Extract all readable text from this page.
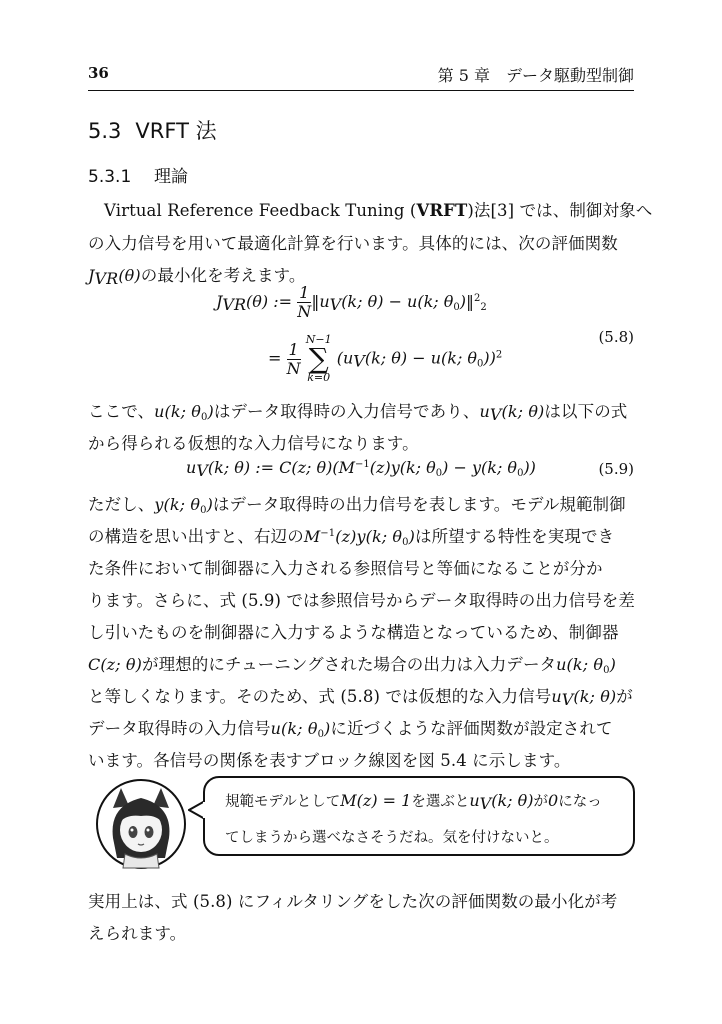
36	第 5 章　データ駆動型制御
5.3 VRFT 法
5.3.1 理論
Virtual Reference Feedback Tuning (VRFT)法[3] では、制御対象へ
の入力信号を用いて最適化計算を行います。具体的には、次の評価関数
$J_{VR}(\theta)$の最小化を考えます。
$J_{VR}(\theta)$ := $\frac{1}{N}$ $‖u_V(k$; θ) − u(k; $\theta_0)‖^2_2$
= $\frac{1}{N}$
N−1
∑
k=0 ($u_V(k$; θ) − u(k; $\theta_0))^2$
(5.8)
ここで、u(k; $\theta_0$)はデータ取得時の入力信号であり、$u_V(k$; θ)は以下の式
から得られる仮想的な入力信号になります。
$u_V(k$; θ) := C(z; $\theta)(M^{-1}(z)y(k$; $\theta_0) - y(k$; $\theta_0$))	(5.9)
ただし、y(k; $\theta_0$)はデータ取得時の出力信号を表します。モデル規範制御
の構造を思い出すと、右辺の$M^{-1}(z)y(k$; $\theta_0$)は所望する特性を実現でき
た条件において制御器に入力される参照信号と等価になることが分か
ります。さらに、式 (5.9) では参照信号からデータ取得時の出力信号を差
し引いたものを制御器に入力するような構造となっているため、制御器
C(z; θ)が理想的にチューニングされた場合の出力は入力データu(k; $\theta_0$)
と等しくなります。そのため、式 (5.8) では仮想的な入力信号$u_V(k$; θ)が
データ取得時の入力信号u(k; $\theta_0$)に近づくような評価関数が設定されて
います。各信号の関係を表すブロック線図を図 5.4 に示します。

規範モデルとしてM(z) = 1を選ぶと$u_V(k$; θ)が0になっ

てしまうから選べなさそうだね。気を付けないと。

実用上は、式 (5.8) にフィルタリングをした次の評価関数の最小化が考
えられます。
